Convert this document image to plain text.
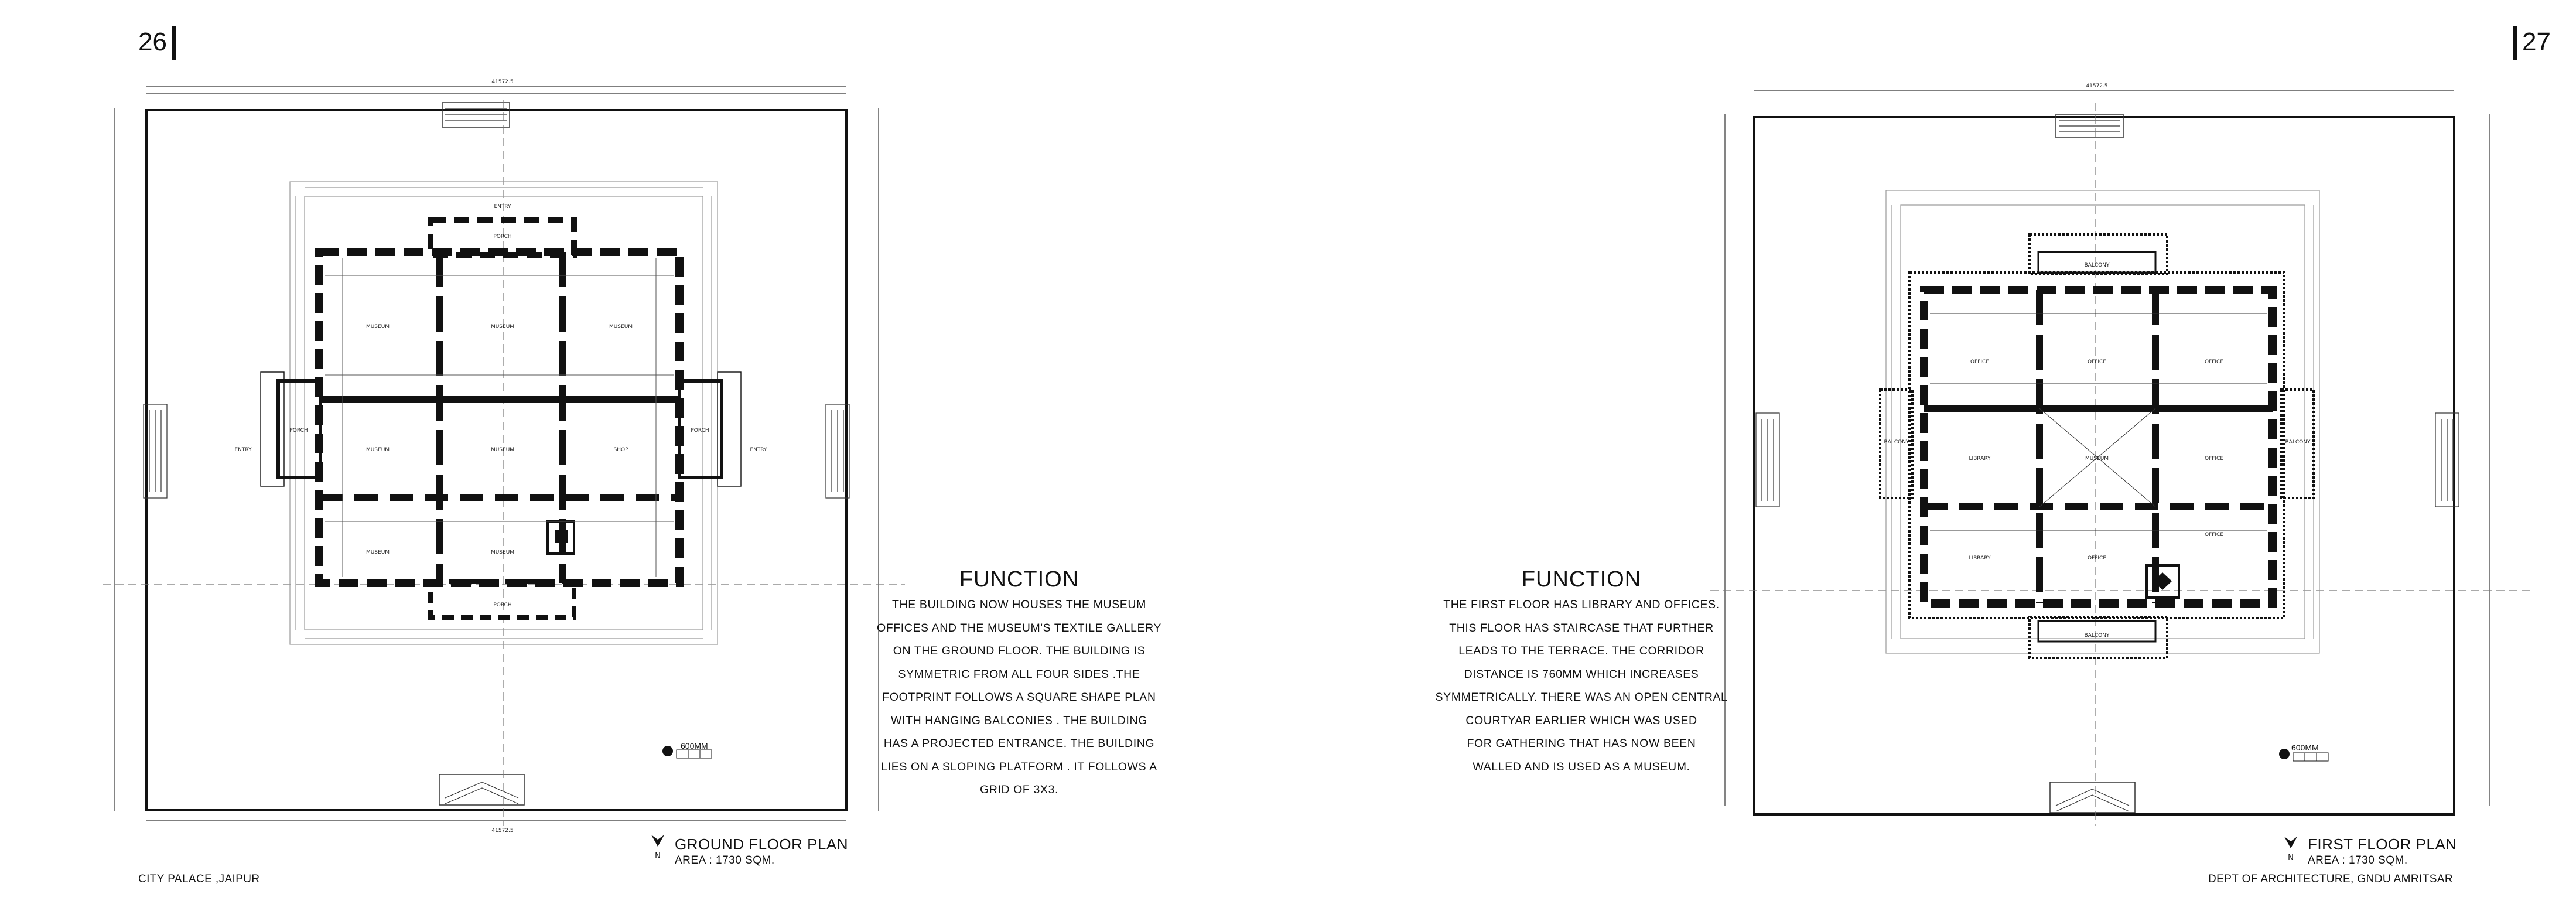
26	27
PORCH
MUSEUM	MUSEUM	MUSEUM
MUSEUM	MUSEUM	SHOP
MUSEUM	MUSEUM
PORCH	PORCH
PORCH
ENTRY
ENTRY	ENTRY
41572.5
41572.5
600MM
N
GROUND FLOOR PLAN
AREA : 1730 SQM.
FUNCTION
THE BUILDING NOW HOUSES THE MUSEUM
OFFICES AND THE MUSEUM'S TEXTILE GALLERY
ON THE GROUND FLOOR. THE BUILDING IS
SYMMETRIC FROM ALL FOUR SIDES .THE
FOOTPRINT FOLLOWS A SQUARE SHAPE PLAN
WITH HANGING BALCONIES . THE BUILDING
HAS A PROJECTED ENTRANCE. THE BUILDING
LIES ON A SLOPING PLATFORM . IT FOLLOWS A
GRID OF 3X3.
FUNCTION
THE FIRST FLOOR HAS LIBRARY AND OFFICES.
THIS FLOOR HAS STAIRCASE THAT FURTHER
LEADS TO THE TERRACE. THE CORRIDOR
DISTANCE IS 760MM WHICH INCREASES
SYMMETRICALLY. THERE WAS AN OPEN CENTRAL
COURTYAR EARLIER WHICH WAS USED
FOR GATHERING THAT HAS NOW BEEN
WALLED AND IS USED AS A MUSEUM.
BALCONY
OFFICE	OFFICE	OFFICE
LIBRARY	MUSEUM	OFFICE
BALCONY	BALCONY
LIBRARY	OFFICE
OFFICE
BALCONY
41572.5
600MM
N
FIRST FLOOR PLAN
AREA : 1730 SQM.
CITY PALACE ,JAIPUR	DEPT OF ARCHITECTURE, GNDU AMRITSAR
